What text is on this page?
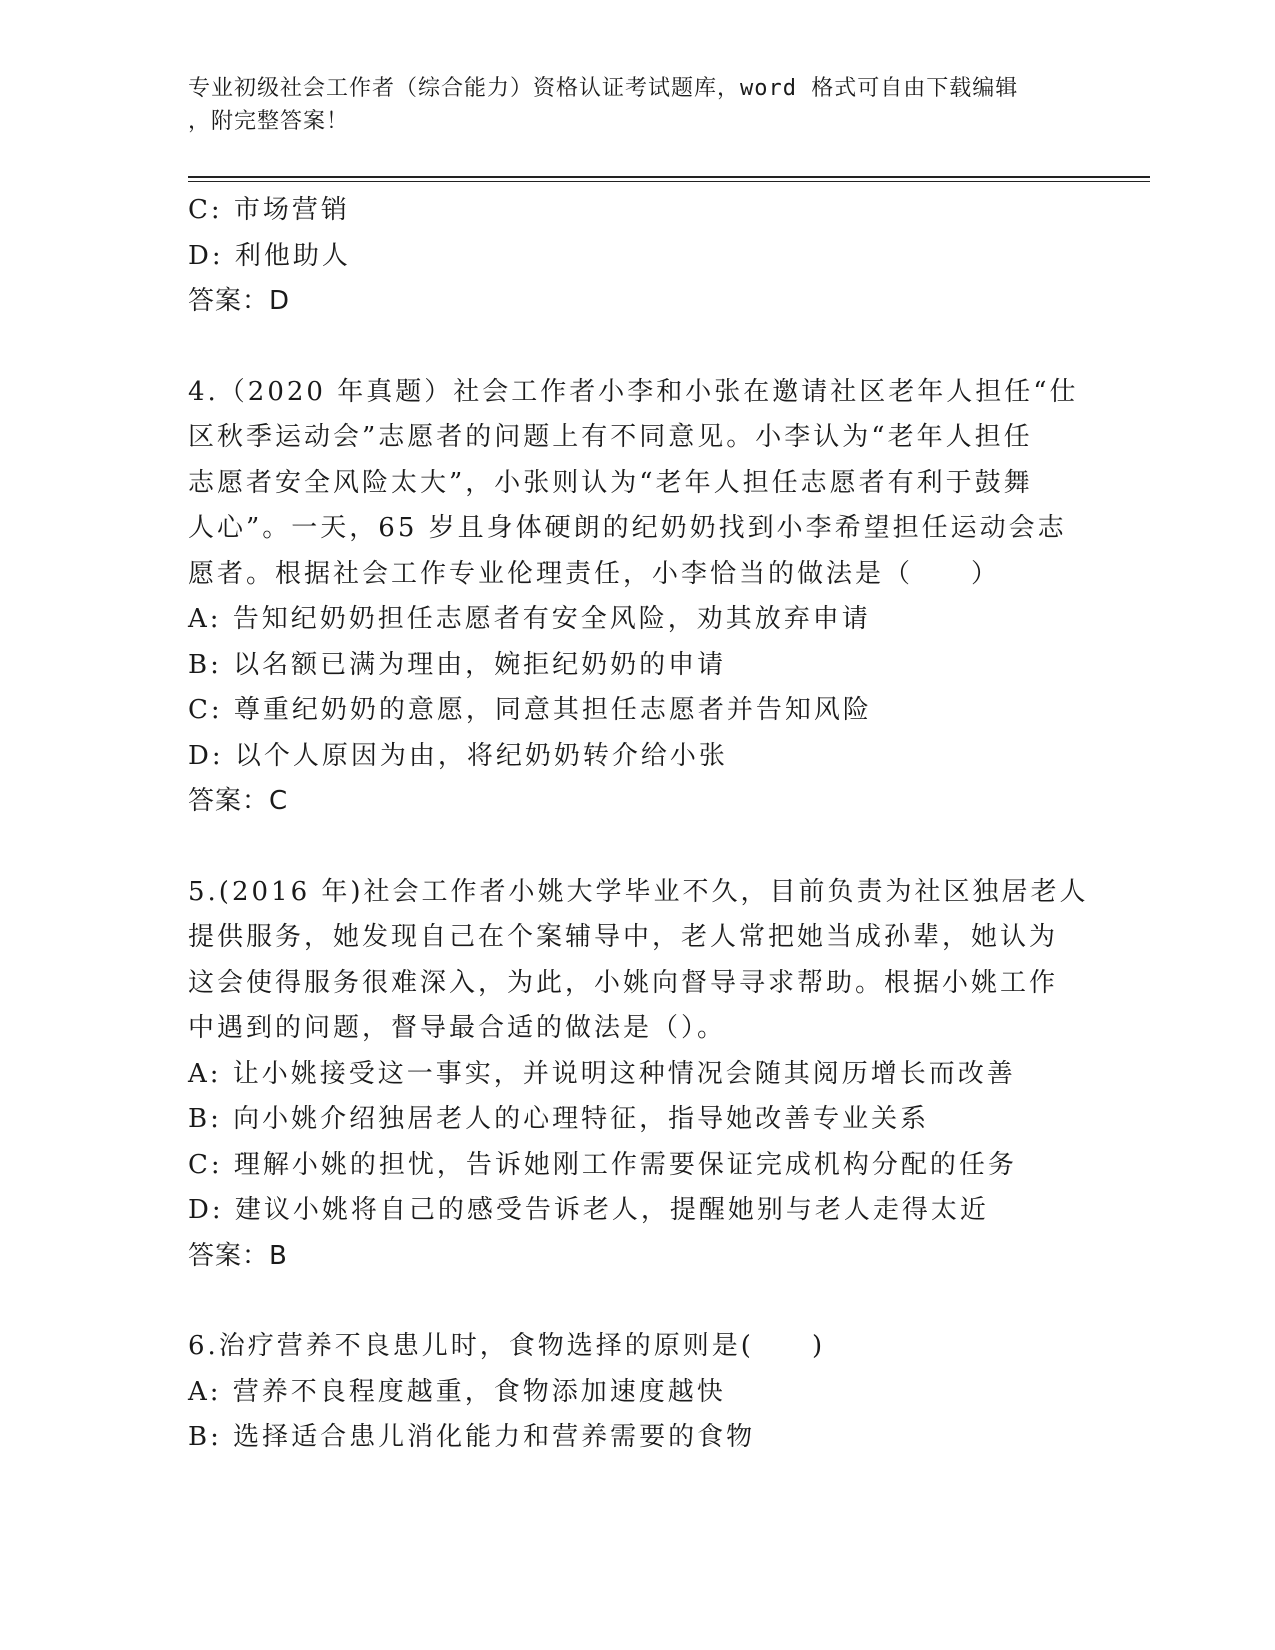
专业初级社会工作者（综合能力）资格认证考试题库，word 格式可自由下载编辑
，附完整答案！
C: 市场营销
D: 利他助人
答案：D
4.（2020 年真题）社会工作者小李和小张在邀请社区老年人担任“仕
区秋季运动会”志愿者的问题上有不同意见。小李认为“老年人担任
志愿者安全风险太大”，小张则认为“老年人担任志愿者有利于鼓舞
人心”。一天，65 岁且身体硬朗的纪奶奶找到小李希望担任运动会志
愿者。根据社会工作专业伦理责任，小李恰当的做法是（　　）
A: 告知纪奶奶担任志愿者有安全风险，劝其放弃申请
B: 以名额已满为理由，婉拒纪奶奶的申请
C: 尊重纪奶奶的意愿，同意其担任志愿者并告知风险
D: 以个人原因为由，将纪奶奶转介给小张
答案：C
5.(2016 年)社会工作者小姚大学毕业不久，目前负责为社区独居老人
提供服务，她发现自己在个案辅导中，老人常把她当成孙辈，她认为
这会使得服务很难深入，为此，小姚向督导寻求帮助。根据小姚工作
中遇到的问题，督导最合适的做法是（）。
A: 让小姚接受这一事实，并说明这种情况会随其阅历增长而改善
B: 向小姚介绍独居老人的心理特征，指导她改善专业关系
C: 理解小姚的担忧，告诉她刚工作需要保证完成机构分配的任务
D: 建议小姚将自己的感受告诉老人，提醒她别与老人走得太近
答案：B
6.治疗营养不良患儿时，食物选择的原则是(　　)
A: 营养不良程度越重，食物添加速度越快
B: 选择适合患儿消化能力和营养需要的食物
